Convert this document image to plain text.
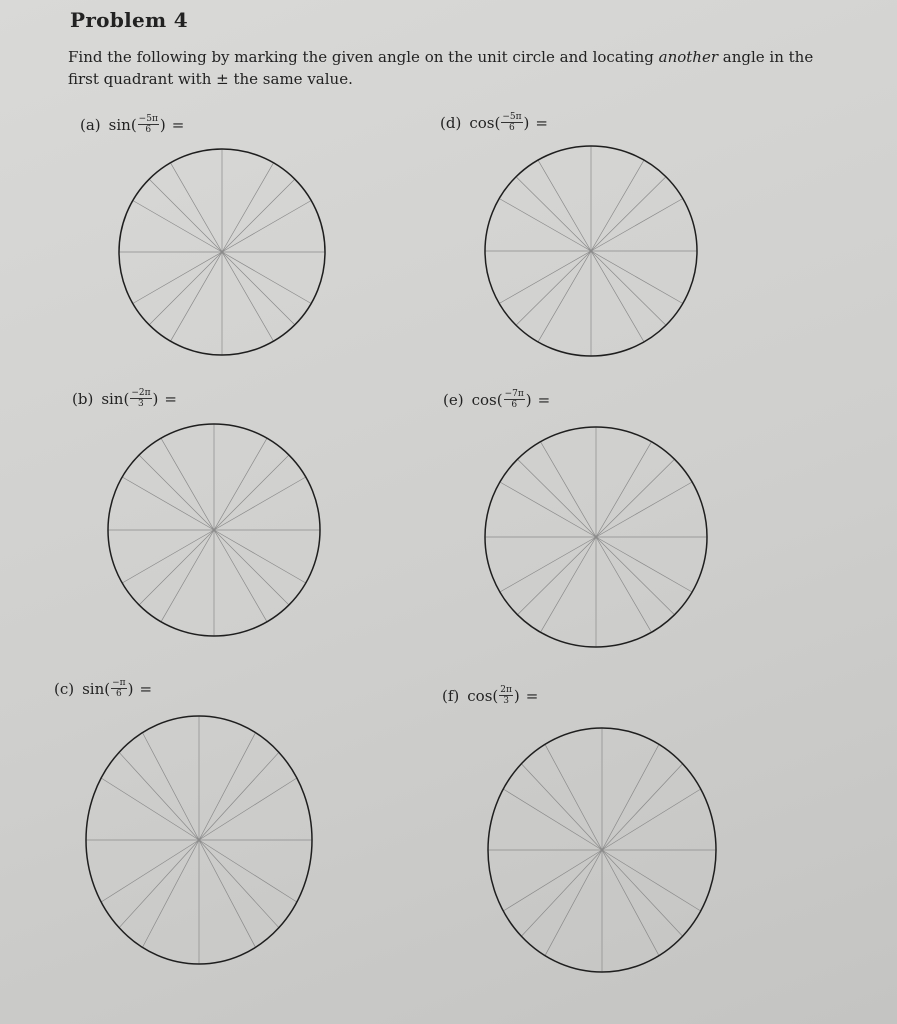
Problem 4
Find the following by marking the given angle on the unit circle and locating another angle in the first quadrant with ± the same value.
(a) sin ( $\frac{-5\pi}{6}$ ) =
(b) sin ( $\frac{-2\pi}{3}$ ) =
(c) sin ( $\frac{-\pi}{6}$ ) =
(d) cos ( $\frac{-5\pi}{6}$ ) =
(e) cos ( $\frac{-7\pi}{6}$ ) =
(f) cos ( $\frac{2\pi}{3}$ ) =
